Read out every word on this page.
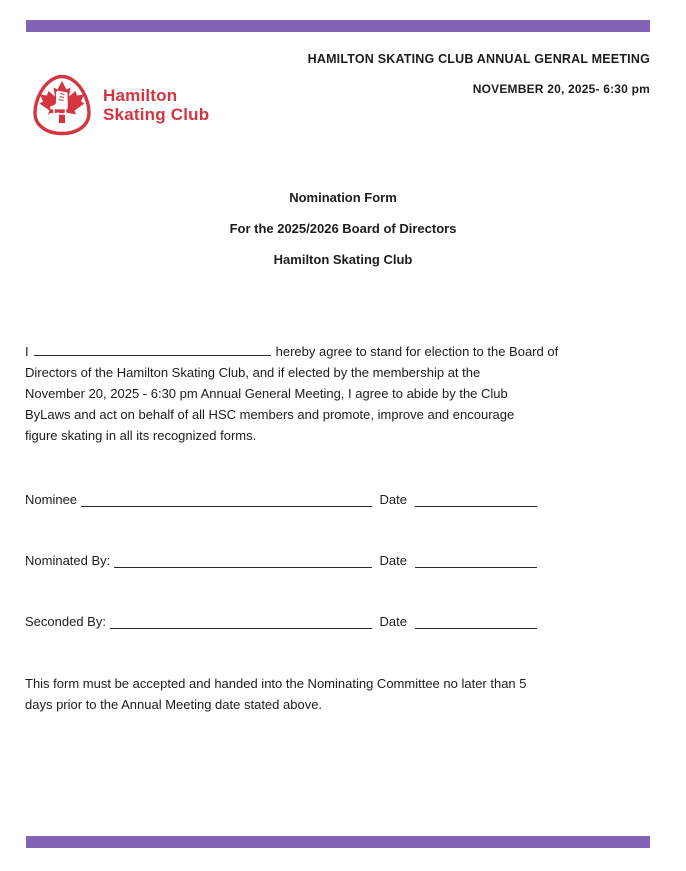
HAMILTON SKATING CLUB ANNUAL GENRAL MEETING
NOVEMBER 20, 2025- 6:30 pm
Hamilton
Skating Club
Nomination Form
For the 2025/2026 Board of Directors
Hamilton Skating Club
I	hereby agree to stand for election to the Board of
Directors of the Hamilton Skating Club, and if elected by the membership at the
November 20, 2025 - 6:30 pm Annual General Meeting, I agree to abide by the Club
ByLaws and act on behalf of all HSC members and promote, improve and encourage
figure skating in all its recognized forms.
Nominee	Date
Nominated By:	Date
Seconded By:	Date
This form must be accepted and handed into the Nominating Committee no later than 5
days prior to the Annual Meeting date stated above.
